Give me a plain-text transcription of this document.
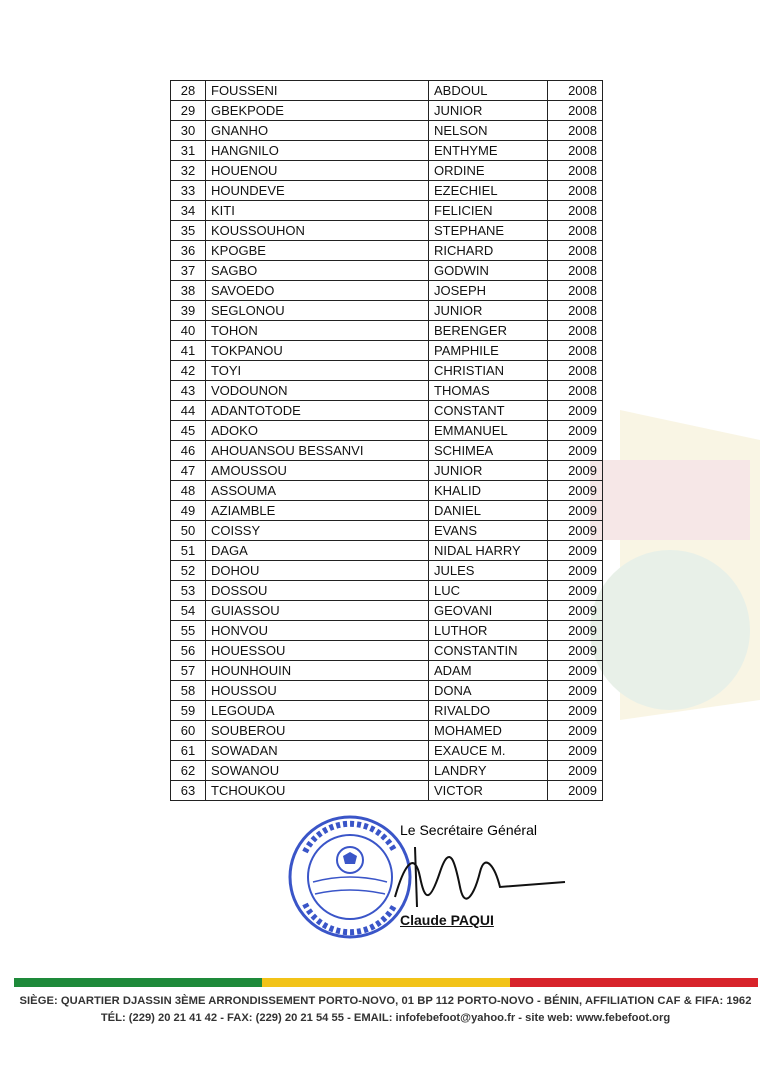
28	FOUSSENI	ABDOUL	2008
29	GBEKPODE	JUNIOR	2008
30	GNANHO	NELSON	2008
31	HANGNILO	ENTHYME	2008
32	HOUENOU	ORDINE	2008
33	HOUNDEVE	EZECHIEL	2008
34	KITI	FELICIEN	2008
35	KOUSSOUHON	STEPHANE	2008
36	KPOGBE	RICHARD	2008
37	SAGBO	GODWIN	2008
38	SAVOEDO	JOSEPH	2008
39	SEGLONOU	JUNIOR	2008
40	TOHON	BERENGER	2008
41	TOKPANOU	PAMPHILE	2008
42	TOYI	CHRISTIAN	2008
43	VODOUNON	THOMAS	2008
44	ADANTOTODE	CONSTANT	2009
45	ADOKO	EMMANUEL	2009
46	AHOUANSOU BESSANVI	SCHIMEA	2009
47	AMOUSSOU	JUNIOR	2009
48	ASSOUMA	KHALID	2009
49	AZIAMBLE	DANIEL	2009
50	COISSY	EVANS	2009
51	DAGA	NIDAL HARRY	2009
52	DOHOU	JULES	2009
53	DOSSOU	LUC	2009
54	GUIASSOU	GEOVANI	2009
55	HONVOU	LUTHOR	2009
56	HOUESSOU	CONSTANTIN	2009
57	HOUNHOUIN	ADAM	2009
58	HOUSSOU	DONA	2009
59	LEGOUDA	RIVALDO	2009
60	SOUBEROU	MOHAMED	2009
61	SOWADAN	EXAUCE M.	2009
62	SOWANOU	LANDRY	2009
63	TCHOUKOU	VICTOR	2009
Le Secrétaire Général
Claude PAQUI
SIÈGE: QUARTIER DJASSIN 3ÈME ARRONDISSEMENT PORTO-NOVO, 01 BP 112 PORTO-NOVO - BÉNIN, AFFILIATION CAF & FIFA: 1962
TÉL: (229) 20 21 41 42 - FAX: (229) 20 21 54 55 - EMAIL: infofebefoot@yahoo.fr - site web: www.febefoot.org
